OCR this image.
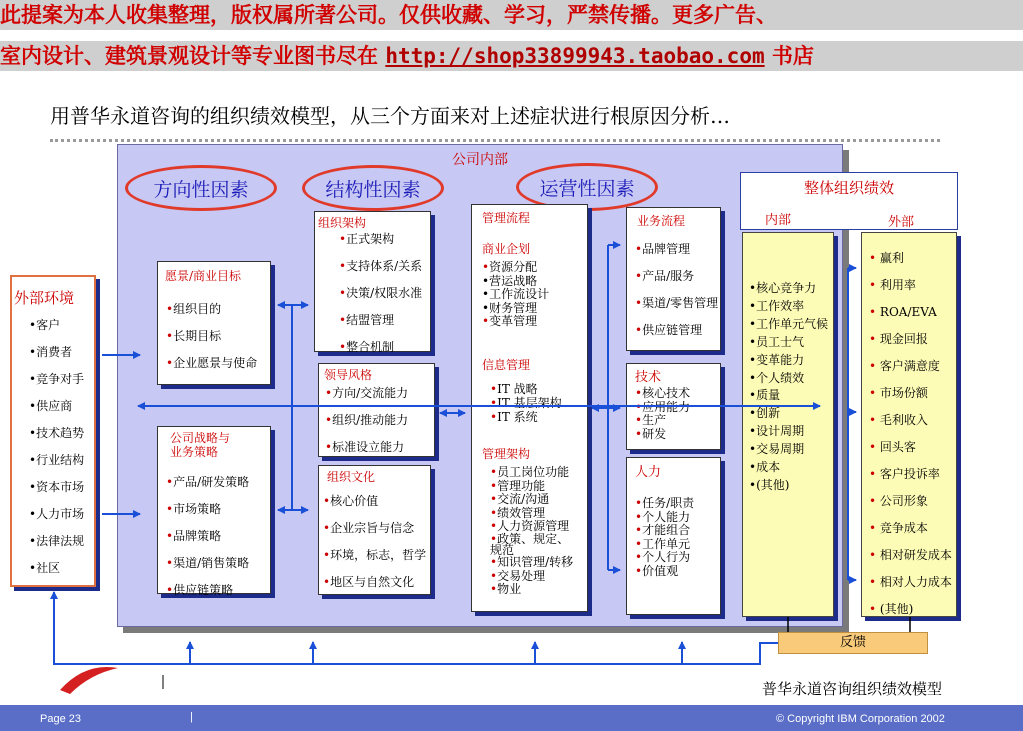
此提案为本人收集整理，版权属所著公司。仅供收藏、学习，严禁传播。更多广告、
室内设计、建筑景观设计等专业图书尽在 http://shop33899943.taobao.com 书店
用普华永道咨询的组织绩效模型，从三个方面来对上述症状进行根原因分析…
公司内部
方向性因素	结构性因素	运营性因素
外部环境
•客户
•消费者
•竞争对手
•供应商
•技术趋势
•行业结构
•资本市场
•人力市场
•法律法规
•社区
愿景/商业目标
•组织目的
•长期目标
•企业愿景与使命
公司战略与
业务策略
•产品/研发策略
•市场策略
•品牌策略
•渠道/销售策略
•供应链策略
组织架构
•正式架构
•支持体系/关系
•决策/权限水准
•结盟管理
•整合机制
领导风格
•方向/交流能力
•组织/推动能力
•标准设立能力
组织文化
•核心价值
•企业宗旨与信念
•环境，标志，哲学
•地区与自然文化
管理流程
商业企划
•资源分配
•营运战略
•工作流设计
•财务管理
•变革管理
信息管理
•IT 战略
•IT 基层架构
•IT 系统
管理架构
•员工岗位功能
•管理功能
•交流/沟通
•绩效管理
•人力资源管理
•政策、规定、规范
•知识管理/转移
•交易处理
•物业
业务流程
•品牌管理
•产品/服务
•渠道/零售管理
•供应链管理
技术
•核心技术
•应用能力
•生产
•研发
人力
•任务/职责
•个人能力
•才能组合
•工作单元
•个人行为
•价值观
整体组织绩效
内部	外部
•核心竞争力
•工作效率
•工作单元气候
•员工士气
•变革能力
•个人绩效
•质量
•创新
•设计周期
•交易周期
•成本
•(其他)
• 赢利
• 利用率
• ROA/EVA
• 现金回报
• 客户满意度
• 市场份额
• 毛利收入
• 回头客
• 客户投诉率
• 公司形象
• 竞争成本
• 相对研发成本
• 相对人力成本
• (其他)
反馈
普华永道咨询组织绩效模型
Page 23	|	© Copyright IBM Corporation 2002
